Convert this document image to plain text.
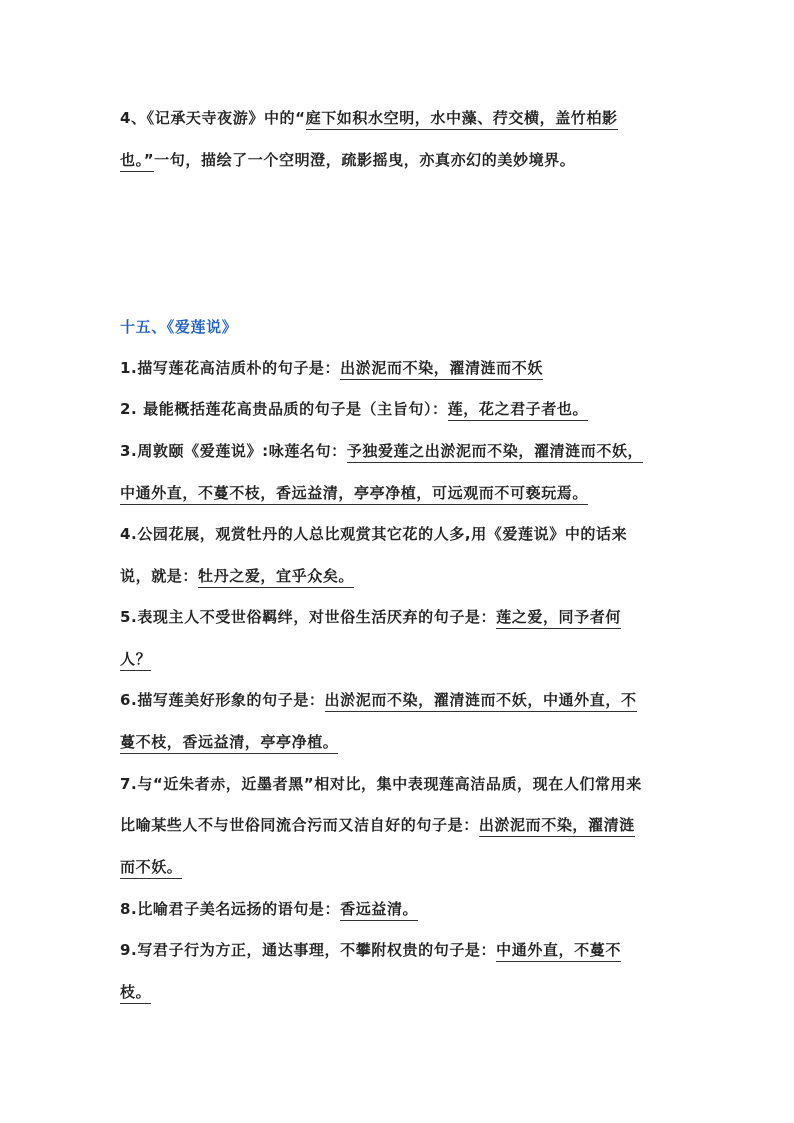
4、《记承天寺夜游》中的“庭下如积水空明，水中藻、荇交横，盖竹柏影
也。”一句，描绘了一个空明澄，疏影摇曳，亦真亦幻的美妙境界。
十五、《爱莲说》
1.描写莲花高洁质朴的句子是：出淤泥而不染，濯清涟而不妖
2. 最能概括莲花高贵品质的句子是（主旨句）：莲，花之君子者也。
3.周敦颐《爱莲说》:咏莲名句：予独爱莲之出淤泥而不染，濯清涟而不妖，
中通外直，不蔓不枝，香远益清，亭亭净植，可远观而不可亵玩焉。
4.公园花展，观赏牡丹的人总比观赏其它花的人多,用《爱莲说》中的话来
说，就是：牡丹之爱，宜乎众矣。
5.表现主人不受世俗羁绊，对世俗生活厌弃的句子是：莲之爱，同予者何
人？
6.描写莲美好形象的句子是：出淤泥而不染，濯清涟而不妖，中通外直，不
蔓不枝，香远益清，亭亭净植。
7.与“近朱者赤，近墨者黑”相对比，集中表现莲高洁品质，现在人们常用来
比喻某些人不与世俗同流合污而又洁自好的句子是：出淤泥而不染，濯清涟
而不妖。
8.比喻君子美名远扬的语句是：香远益清。
9.写君子行为方正，通达事理，不攀附权贵的句子是：中通外直，不蔓不
枝。
